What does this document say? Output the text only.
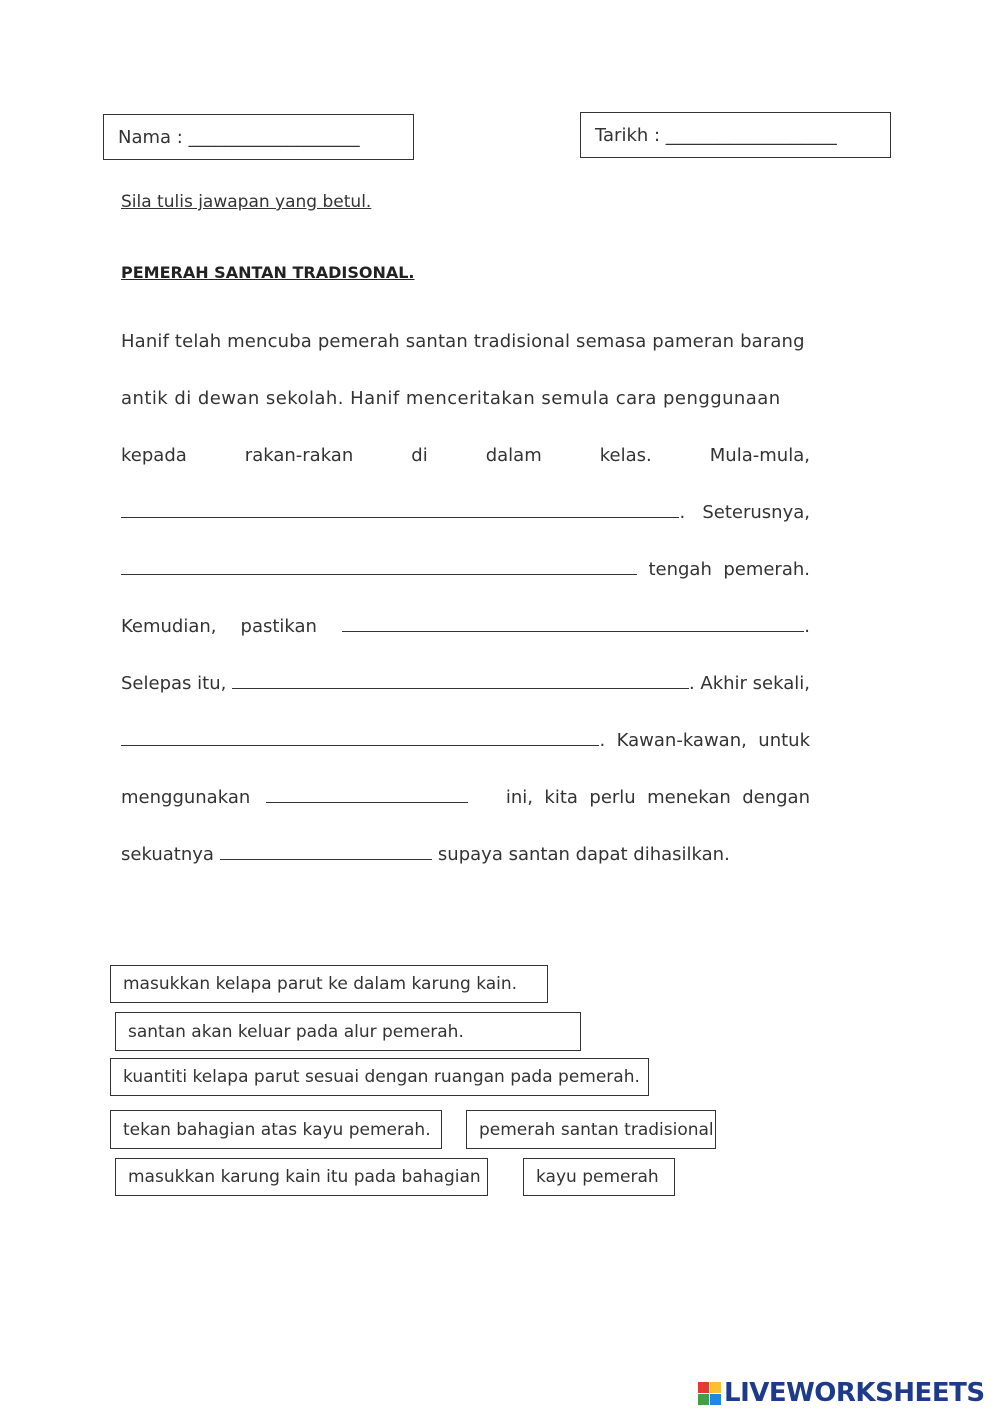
Nama : ___________________	Tarikh : ___________________
Sila tulis jawapan yang betul.
PEMERAH SANTAN TRADISONAL.
Hanif telah mencuba pemerah santan tradisional semasa pameran barang
antik di dewan sekolah. Hanif menceritakan semula cara penggunaan
kepada	rakan-rakan	di	dalam	kelas.	Mula-mula,
.   Seterusnya,
tengah  pemerah.
Kemudian, pastikan	.
Selepas itu,	. Akhir sekali,
.  Kawan-kawan,  untuk
menggunakan	ini,  kita  perlu  menekan  dengan
sekuatnya	supaya santan dapat dihasilkan.
masukkan kelapa parut ke dalam karung kain.
santan akan keluar pada alur pemerah.
kuantiti kelapa parut sesuai dengan ruangan pada pemerah.
tekan bahagian atas kayu pemerah.	pemerah santan tradisional
masukkan karung kain itu pada bahagian	kayu pemerah
LIVEWORKSHEETS
